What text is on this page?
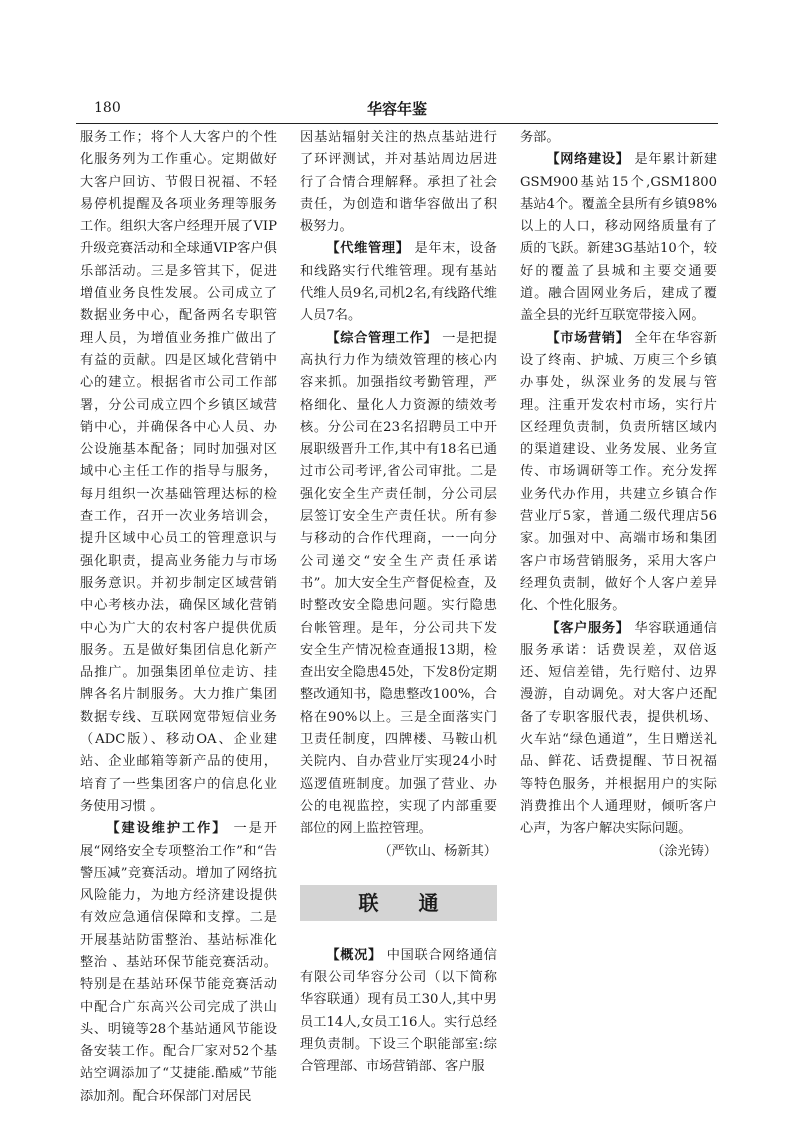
180	华容年鉴

服务工作；将个人大客户的个性化服务列为工作重心。定期做好大客户回访、节假日祝福、不轻易停机提醒及各项业务理等服务工作。组织大客户经理开展了VIP升级竞赛活动和全球通VIP客户俱乐部活动。三是多管其下，促进增值业务良性发展。公司成立了数据业务中心，配备两名专职管理人员，为增值业务推广做出了有益的贡献。四是区域化营销中心的建立。根据省市公司工作部署，分公司成立四个乡镇区域营销中心，并确保各中心人员、办公设施基本配备；同时加强对区域中心主任工作的指导与服务，每月组织一次基础管理达标的检查工作，召开一次业务培训会，提升区域中心员工的管理意识与强化职责，提高业务能力与市场服务意识。并初步制定区域营销中心考核办法，确保区域化营销中心为广大的农村客户提供优质服务。五是做好集团信息化新产品推广。加强集团单位走访、挂牌各名片制服务。大力推广集团数据专线、互联网宽带短信业务（ADC版）、移动OA、企业建站、企业邮箱等新产品的使用，培育了一些集团客户的信息化业务使用习惯 。

【建设维护工作】 一是开展“网络安全专项整治工作”和“告警压减”竞赛活动。增加了网络抗风险能力，为地方经济建设提供有效应急通信保障和支撑。二是开展基站防雷整治、基站标准化整治 、基站环保节能竞赛活动。特别是在基站环保节能竞赛活动中配合广东高兴公司完成了洪山头、明镜等28个基站通风节能设备安装工作。配合厂家对52个基站空调添加了“艾捷能.酷威”节能添加剂。配合环保部门对居民

因基站辐射关注的热点基站进行了环评测试，并对基站周边居进行了合情合理解释。承担了社会责任，为创造和谐华容做出了积极努力。

【代维管理】 是年末，设备和线路实行代维管理。现有基站代维人员9名,司机2名,有线路代维人员7名。

【综合管理工作】 一是把提高执行力作为绩效管理的核心内容来抓。加强指纹考勤管理，严格细化、量化人力资源的绩效考核。分公司在23名招聘员工中开展职级晋升工作,其中有18名已通过市公司考评,省公司审批。二是强化安全生产责任制，分公司层层签订安全生产责任状。所有参与移动的合作代理商，一一向分公司递交“安全生产责任承诺书”。加大安全生产督促检查，及时整改安全隐患问题。实行隐患台帐管理。是年，分公司共下发安全生产情况检查通报13期，检查出安全隐患45处，下发8份定期整改通知书，隐患整改100%，合格在90%以上。三是全面落实门卫责任制度，四牌楼、马鞍山机关院内、自办营业厅实现24小时巡逻值班制度。加强了营业、办公的电视监控，实现了内部重要部位的网上监控管理。

（严钦山、杨新其）

联通

【概况】 中国联合网络通信有限公司华容分公司（以下简称华容联通）现有员工30人,其中男员工14人,女员工16人。实行总经理负责制。下设三个职能部室:综合管理部、市场营销部、客户服

务部。

【网络建设】 是年累计新建GSM900基站15个,GSM1800基站4个。覆盖全县所有乡镇98%以上的人口，移动网络质量有了质的飞跃。新建3G基站10个，较好的覆盖了县城和主要交通要道。融合固网业务后，建成了覆盖全县的光纤互联宽带接入网。

【市场营销】 全年在华容新设了终南、护城、万庾三个乡镇办事处，纵深业务的发展与管理。注重开发农村市场，实行片区经理负责制，负责所辖区域内的渠道建设、业务发展、业务宣传、市场调研等工作。充分发挥业务代办作用，共建立乡镇合作营业厅5家，普通二级代理店56家。加强对中、高端市场和集团客户市场营销服务，采用大客户经理负责制，做好个人客户差异化、个性化服务。

【客户服务】 华容联通通信服务承诺：话费误差，双倍返还、短信差错，先行赔付、边界漫游，自动调免。对大客户还配备了专职客服代表，提供机场、火车站“绿色通道”，生日赠送礼品、鲜花、话费提醒、节日祝福等特色服务，并根据用户的实际消费推出个人通理财，倾听客户心声，为客户解决实际问题。

（涂光铸）
